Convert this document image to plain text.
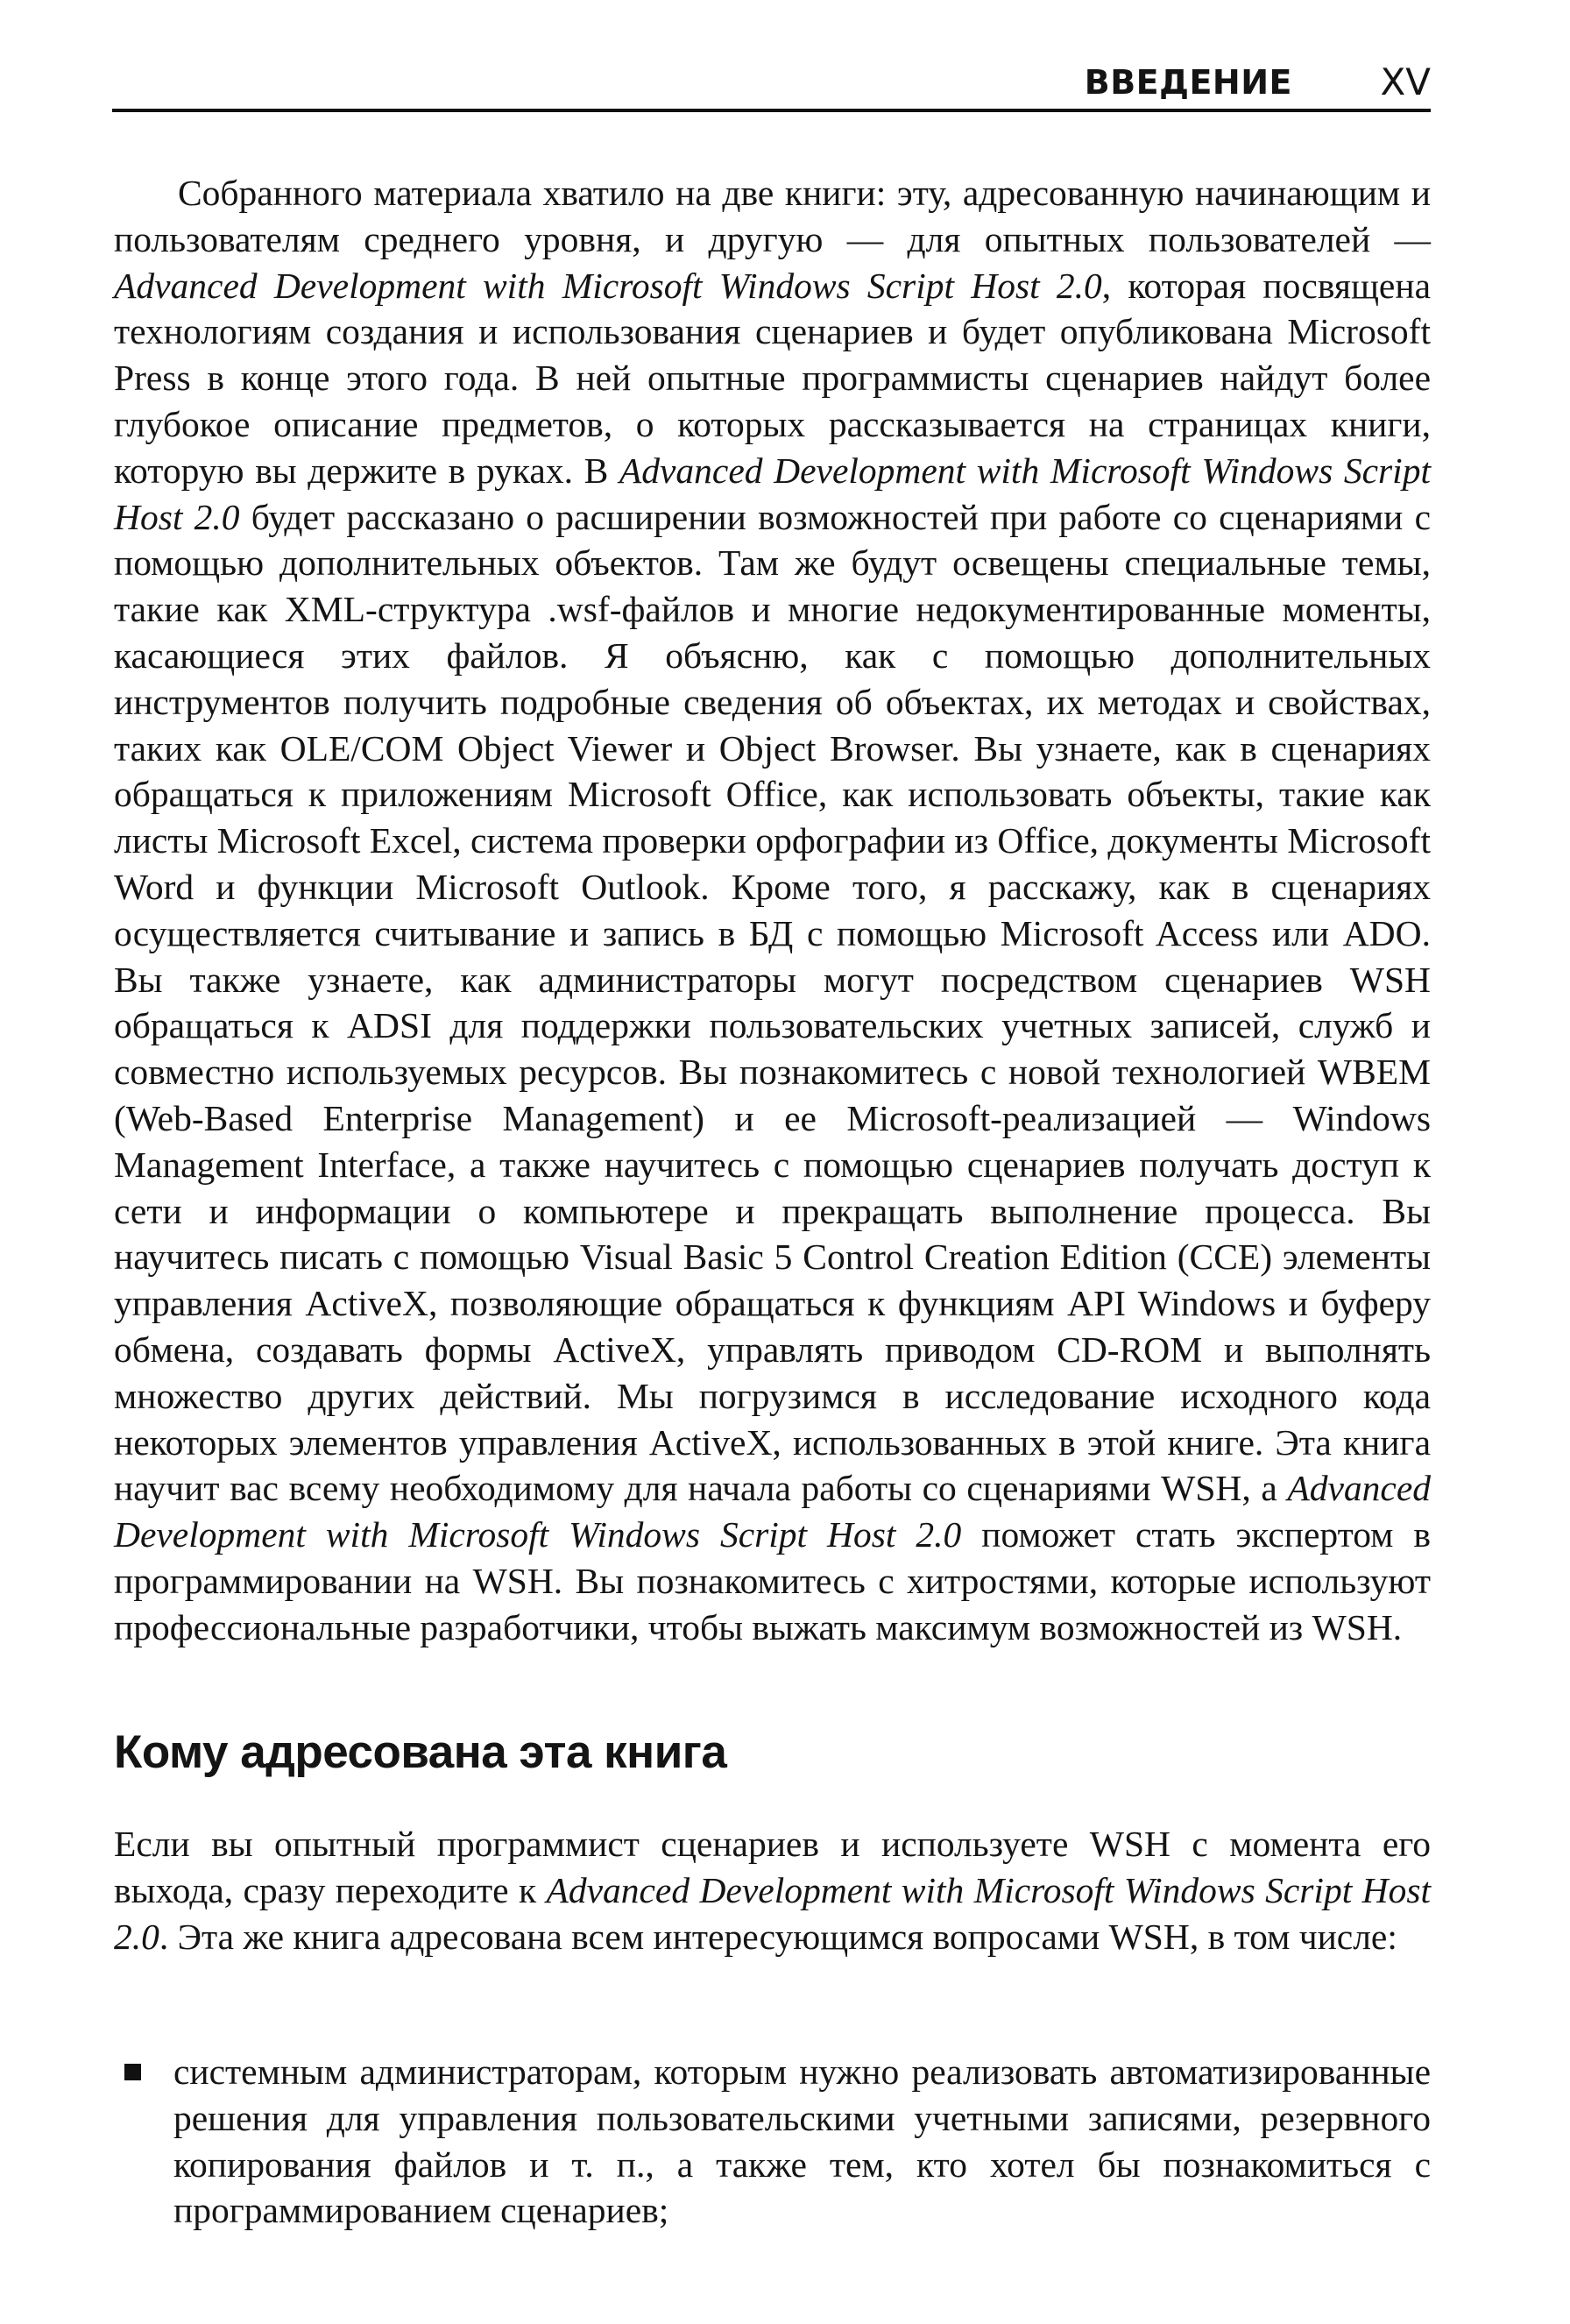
ВВЕДЕНИЕ XV

Собранного материала хватило на две книги: эту, адресованную начинающим и пользователям среднего уровня, и другую — для опытных пользователей — Advanced Development with Microsoft Windows Script Host 2.0, которая посвящена технологиям создания и использования сценариев и будет опубликована Microsoft Press в конце этого года. В ней опытные программисты сценариев найдут более глубокое описание предметов, о которых рассказывается на страницах книги, которую вы держите в руках. В Advanced Development with Microsoft Windows Script Host 2.0 будет рассказано о расширении возможностей при работе со сценариями с помощью дополнительных объектов. Там же будут освещены специальные темы, такие как XML-структура .wsf-файлов и многие недокументированные моменты, касающиеся этих файлов. Я объясню, как с помощью дополнительных инструментов получить подробные сведения об объектах, их методах и свойствах, таких как OLE/COM Object Viewer и Object Browser. Вы узнаете, как в сценариях обращаться к приложениям Microsoft Office, как использовать объекты, такие как листы Microsoft Excel, система проверки орфографии из Office, документы Microsoft Word и функции Microsoft Outlook. Кроме того, я расскажу, как в сценариях осуществляется считывание и запись в БД с помощью Microsoft Access или ADO. Вы также узнаете, как администраторы могут посредством сценариев WSH обращаться к ADSI для поддержки пользовательских учетных записей, служб и совместно используемых ресурсов. Вы познакомитесь с новой технологией WBEM (Web-Based Enterprise Management) и ее Microsoft-реализацией — Windows Management Interface, а также научитесь с помощью сценариев получать доступ к сети и информации о компьютере и прекращать выполнение процесса. Вы научитесь писать с помощью Visual Basic 5 Control Creation Edition (CCE) элементы управления ActiveX, позволяющие обращаться к функциям API Windows и буферу обмена, создавать формы ActiveX, управлять приводом CD-ROM и выполнять множество других действий. Мы погрузимся в исследование исходного кода некоторых элементов управления ActiveX, использованных в этой книге. Эта книга научит вас всему необходимому для начала работы со сценариями WSH, а Advanced Development with Microsoft Windows Script Host 2.0 поможет стать экспертом в программировании на WSH. Вы познакомитесь с хитростями, которые используют профессиональные разработчики, чтобы выжать максимум возможностей из WSH.

Кому адресована эта книга

Если вы опытный программист сценариев и используете WSH с момента его выхода, сразу переходите к Advanced Development with Microsoft Windows Script Host 2.0. Эта же книга адресована всем интересующимся вопросами WSH, в том числе:

системным администраторам, которым нужно реализовать автоматизированные решения для управления пользовательскими учетными записями, резервного копирования файлов и т. п., а также тем, кто хотел бы познакомиться с программированием сценариев;
